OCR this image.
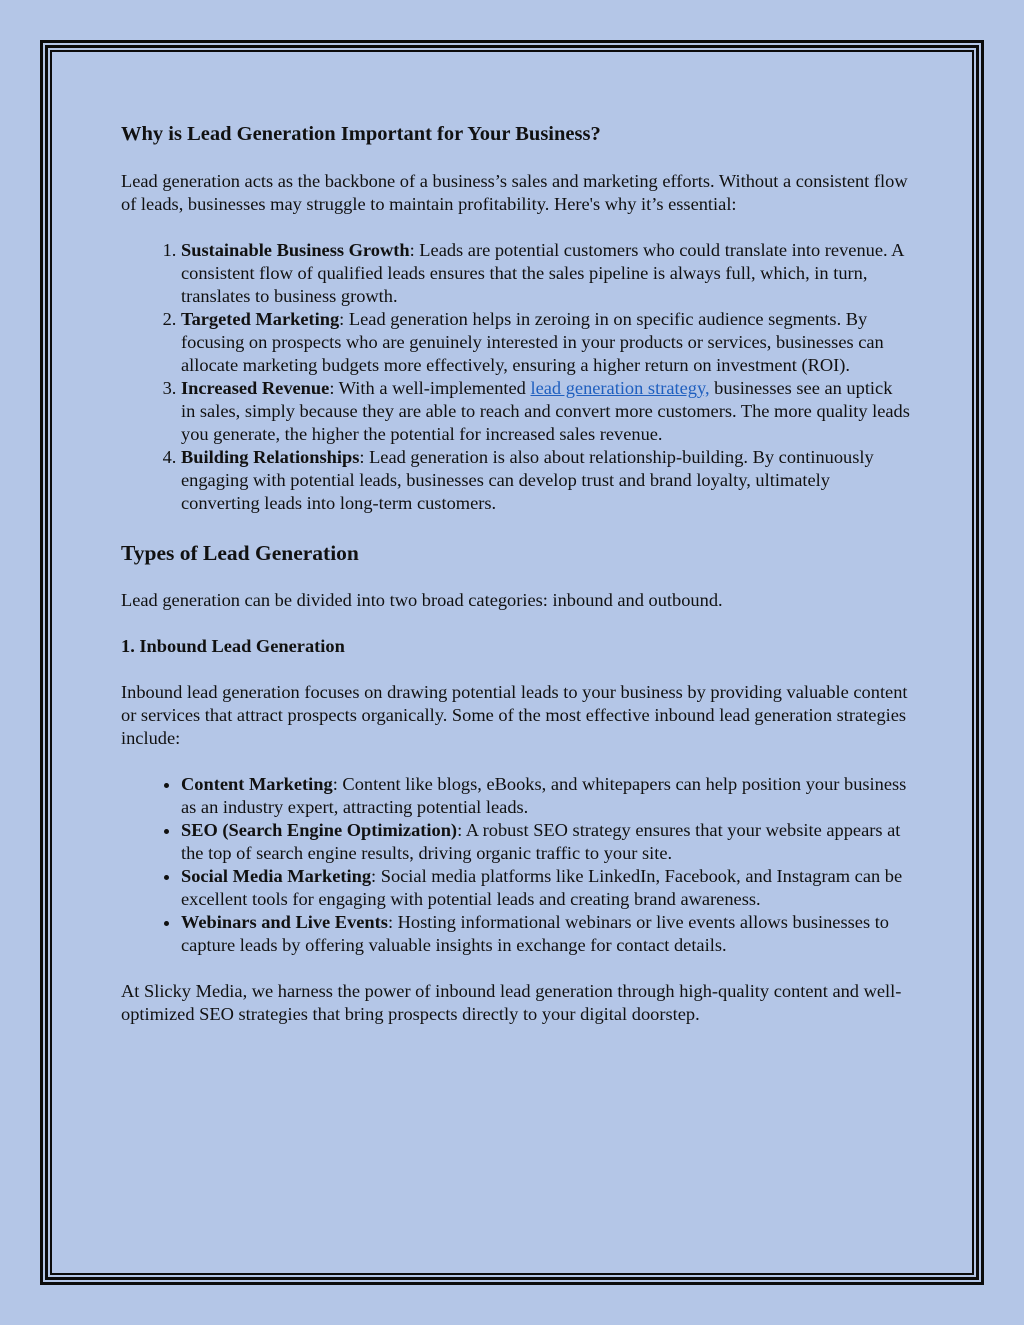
Why is Lead Generation Important for Your Business?

Lead generation acts as the backbone of a business’s sales and marketing efforts. Without a consistent flow of leads, businesses may struggle to maintain profitability. Here's why it’s essential:

1. Sustainable Business Growth: Leads are potential customers who could translate into revenue. A consistent flow of qualified leads ensures that the sales pipeline is always full, which, in turn, translates to business growth.
2. Targeted Marketing: Lead generation helps in zeroing in on specific audience segments. By focusing on prospects who are genuinely interested in your products or services, businesses can allocate marketing budgets more effectively, ensuring a higher return on investment (ROI).
3. Increased Revenue: With a well-implemented lead generation strategy, businesses see an uptick in sales, simply because they are able to reach and convert more customers. The more quality leads you generate, the higher the potential for increased sales revenue.
4. Building Relationships: Lead generation is also about relationship-building. By continuously engaging with potential leads, businesses can develop trust and brand loyalty, ultimately converting leads into long-term customers.
Types of Lead Generation

Lead generation can be divided into two broad categories: inbound and outbound.

1. Inbound Lead Generation

Inbound lead generation focuses on drawing potential leads to your business by providing valuable content or services that attract prospects organically. Some of the most effective inbound lead generation strategies include:

• Content Marketing: Content like blogs, eBooks, and whitepapers can help position your business as an industry expert, attracting potential leads.
• SEO (Search Engine Optimization): A robust SEO strategy ensures that your website appears at the top of search engine results, driving organic traffic to your site.
• Social Media Marketing: Social media platforms like LinkedIn, Facebook, and Instagram can be excellent tools for engaging with potential leads and creating brand awareness.
• Webinars and Live Events: Hosting informational webinars or live events allows businesses to capture leads by offering valuable insights in exchange for contact details.

At Slicky Media, we harness the power of inbound lead generation through high-quality content and well-optimized SEO strategies that bring prospects directly to your digital doorstep.
